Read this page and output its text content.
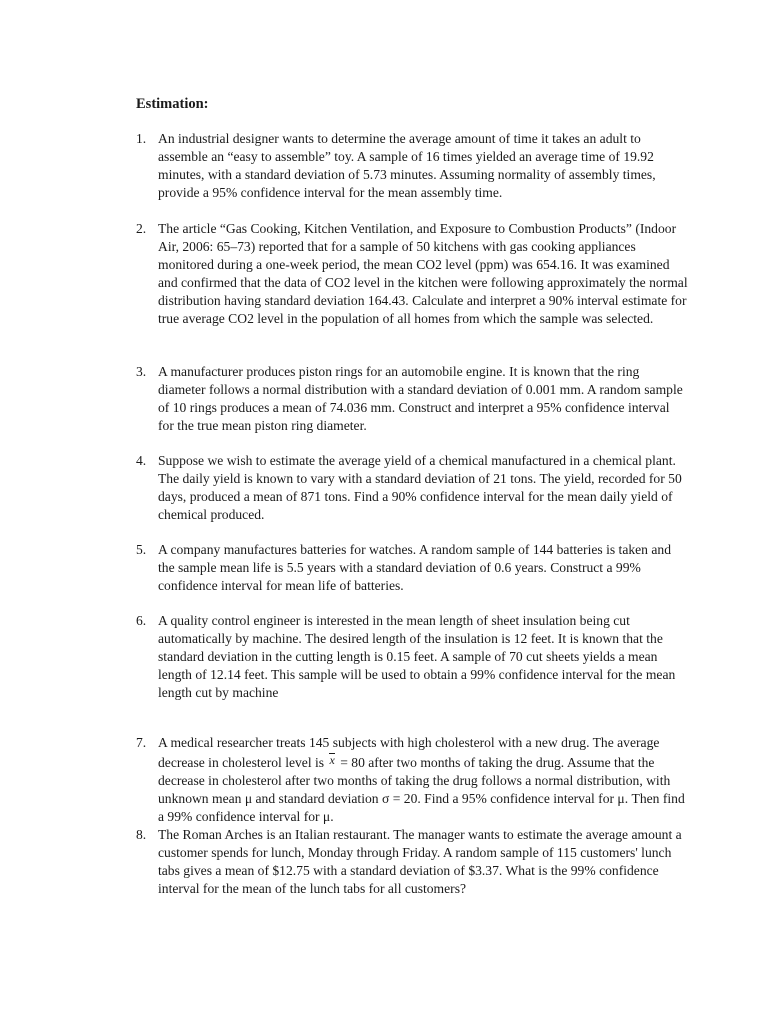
Estimation:
1. An industrial designer wants to determine the average amount of time it takes an adult to assemble an “easy to assemble” toy. A sample of 16 times yielded an average time of 19.92 minutes, with a standard deviation of 5.73 minutes. Assuming normality of assembly times, provide a 95% confidence interval for the mean assembly time.
2. The article “Gas Cooking, Kitchen Ventilation, and Exposure to Combustion Products” (Indoor Air, 2006: 65–73) reported that for a sample of 50 kitchens with gas cooking appliances monitored during a one-week period, the mean CO2 level (ppm) was 654.16. It was examined and confirmed that the data of CO2 level in the kitchen were following approximately the normal distribution having standard deviation 164.43. Calculate and interpret a 90% interval estimate for true average CO2 level in the population of all homes from which the sample was selected.
3. A manufacturer produces piston rings for an automobile engine. It is known that the ring diameter follows a normal distribution with a standard deviation of 0.001 mm. A random sample of 10 rings produces a mean of 74.036 mm. Construct and interpret a 95% confidence interval for the true mean piston ring diameter.
4. Suppose we wish to estimate the average yield of a chemical manufactured in a chemical plant. The daily yield is known to vary with a standard deviation of 21 tons. The yield, recorded for 50 days, produced a mean of 871 tons. Find a 90% confidence interval for the mean daily yield of chemical produced.
5. A company manufactures batteries for watches. A random sample of 144 batteries is taken and the sample mean life is 5.5 years with a standard deviation of 0.6 years. Construct a 99% confidence interval for mean life of batteries.
6. A quality control engineer is interested in the mean length of sheet insulation being cut automatically by machine. The desired length of the insulation is 12 feet. It is known that the standard deviation in the cutting length is 0.15 feet. A sample of 70 cut sheets yields a mean length of 12.14 feet. This sample will be used to obtain a 99% confidence interval for the mean length cut by machine
7. A medical researcher treats 145 subjects with high cholesterol with a new drug. The average decrease in cholesterol level is x = 80 after two months of taking the drug. Assume that the decrease in cholesterol after two months of taking the drug follows a normal distribution, with unknown mean μ and standard deviation σ = 20. Find a 95% confidence interval for μ. Then find a 99% confidence interval for μ.
8. The Roman Arches is an Italian restaurant. The manager wants to estimate the average amount a customer spends for lunch, Monday through Friday. A random sample of 115 customers' lunch tabs gives a mean of $12.75 with a standard deviation of $3.37. What is the 99% confidence interval for the mean of the lunch tabs for all customers?
